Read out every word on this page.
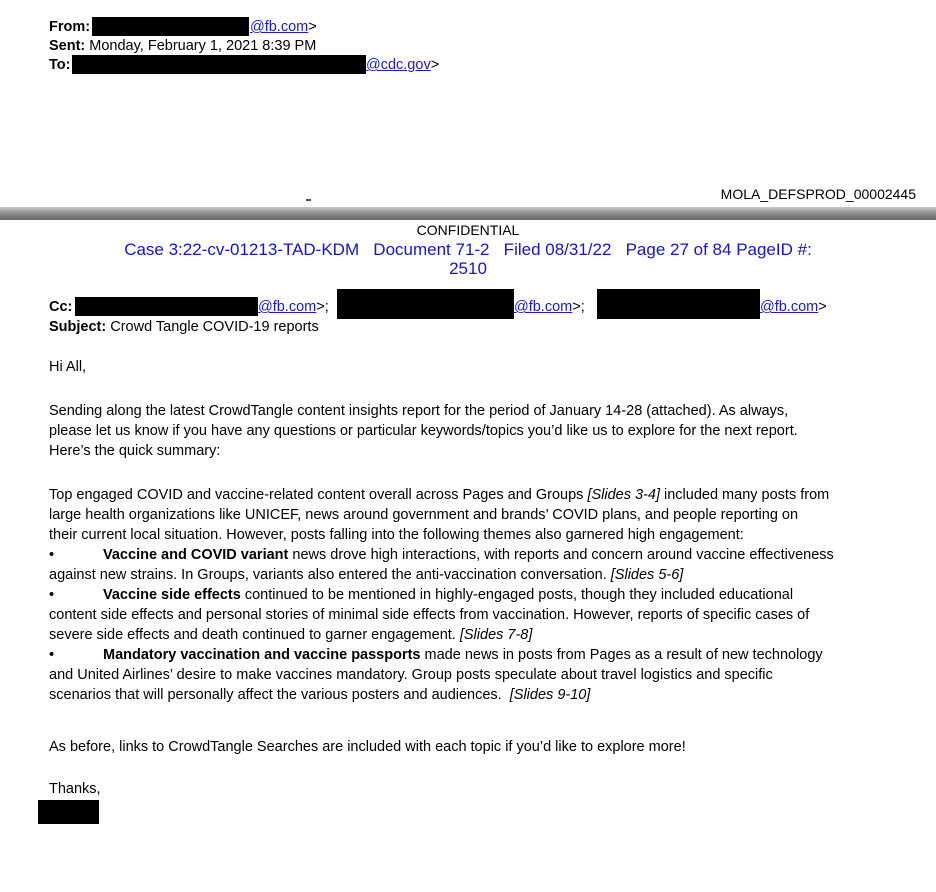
From:	@fb.com>
Sent: Monday, February 1, 2021 8:39 PM
To:	@cdc.gov>
MOLA_DEFSPROD_00002445
CONFIDENTIAL
Case 3:22-cv-01213-TAD-KDM   Document 71-2   Filed 08/31/22   Page 27 of 84 PageID #:
2510
Cc:	@fb.com>;	@fb.com>;	@fb.com>
Subject: Crowd Tangle COVID-19 reports
Hi All,
Sending along the latest CrowdTangle content insights report for the period of January 14-28 (attached). As always,
please let us know if you have any questions or particular keywords/topics you’d like us to explore for the next report.
Here’s the quick summary:
Top engaged COVID and vaccine-related content overall across Pages and Groups [Slides 3-4] included many posts from
large health organizations like UNICEF, news around government and brands’ COVID plans, and people reporting on
their current local situation. However, posts falling into the following themes also garnered high engagement:
•	Vaccine and COVID variant news drove high interactions, with reports and concern around vaccine effectiveness
against new strains. In Groups, variants also entered the anti-vaccination conversation. [Slides 5-6]
•	Vaccine side effects continued to be mentioned in highly-engaged posts, though they included educational
content side effects and personal stories of minimal side effects from vaccination. However, reports of specific cases of
severe side effects and death continued to garner engagement. [Slides 7-8]
•	Mandatory vaccination and vaccine passports made news in posts from Pages as a result of new technology
and United Airlines’ desire to make vaccines mandatory. Group posts speculate about travel logistics and specific
scenarios that will personally affect the various posters and audiences.  [Slides 9-10]
As before, links to CrowdTangle Searches are included with each topic if you’d like to explore more!
Thanks,
